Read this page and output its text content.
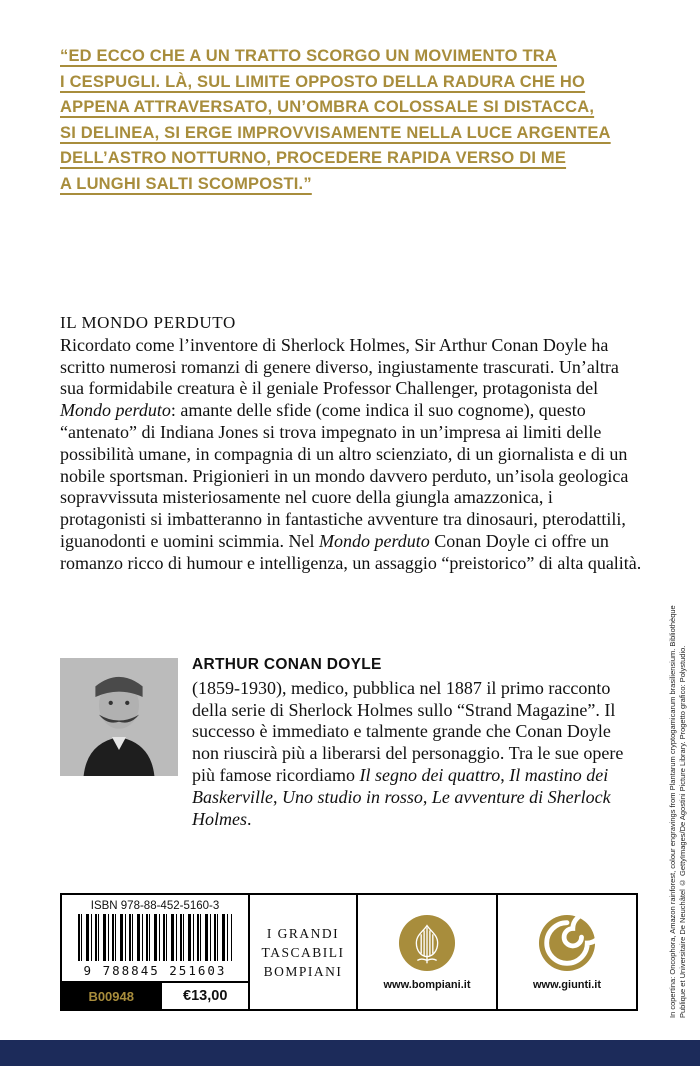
“ED ECCO CHE A UN TRATTO SCORGO UN MOVIMENTO TRA
I CESPUGLI. LÀ, SUL LIMITE OPPOSTO DELLA RADURA CHE HO
APPENA ATTRAVERSATO, UN’OMBRA COLOSSALE SI DISTACCA,
SI DELINEA, SI ERGE IMPROVVISAMENTE NELLA LUCE ARGENTEA
DELL’ASTRO NOTTURNO, PROCEDERE RAPIDA VERSO DI ME
A LUNGHI SALTI SCOMPOSTI.”
IL MONDO PERDUTO

Ricordato come l’inventore di Sherlock Holmes, Sir Arthur Conan Doyle ha scritto numerosi romanzi di genere diverso, ingiustamente trascurati. Un’altra sua formidabile creatura è il geniale Professor Challenger, protagonista del Mondo perduto: amante delle sfide (come indica il suo cognome), questo “antenato” di Indiana Jones si trova impegnato in un’impresa ai limiti delle possibilità umane, in compagnia di un altro scienziato, di un giornalista e di un nobile sportsman. Prigionieri in un mondo davvero perduto, un’isola geologica sopravvissuta misteriosamente nel cuore della giungla amazzonica, i protagonisti si imbatteranno in fantastiche avventure tra dinosauri, pterodattili, iguanodonti e uomini scimmia. Nel Mondo perduto Conan Doyle ci offre un romanzo ricco di humour e intelligenza, un assaggio “preistorico” di alta qualità.

ARTHUR CONAN DOYLE
(1859-1930), medico, pubblica nel 1887 il primo racconto della serie di Sherlock Holmes sullo “Strand Magazine”. Il successo è immediato e talmente grande che Conan Doyle non riuscirà più a liberarsi del personaggio. Tra le sue opere più famose ricordiamo Il segno dei quattro, Il mastino dei Baskerville, Uno studio in rosso, Le avventure di Sherlock Holmes.
ISBN 978-88-452-5160-3
9 788845 251603
B00948	€13,00
I GRANDI
TASCABILI
BOMPIANI
www.bompiani.it	www.giunti.it	In copertina: Oncophora, Amazon rainforest, colour engravings from Plantarum cryptogamicarum brasiliensium. Bibliothèque Publique et Universitaire De Neuchâtel © GettyImages/De Agostini Picture Library. Progetto grafico: Polystudio.
